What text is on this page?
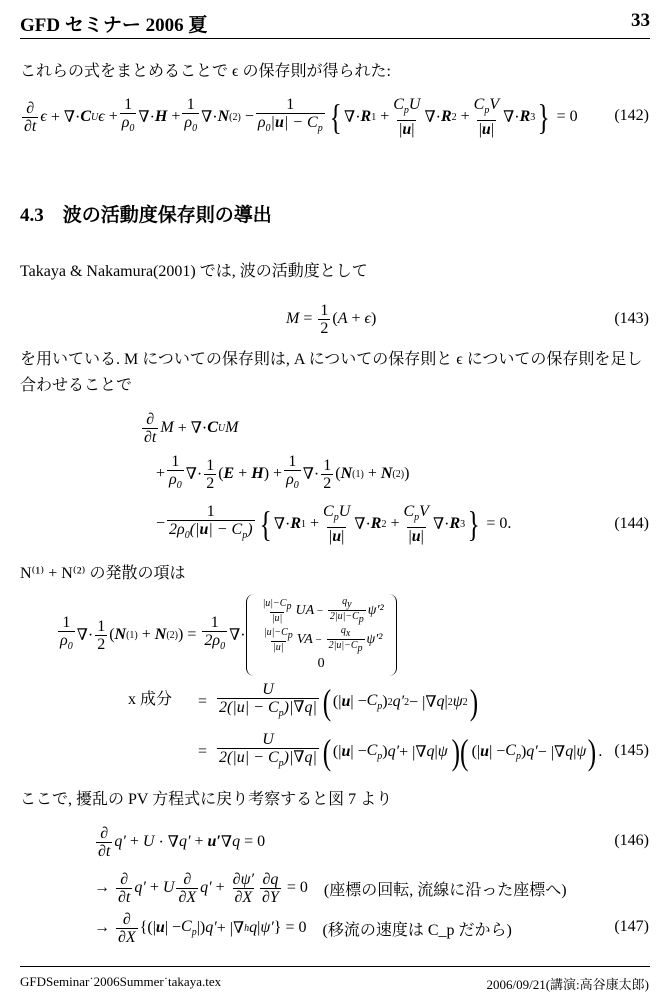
GFD セミナー 2006 夏	33
これらの式をまとめることで ϵ の保存則が得られた:
$\frac{\partial}{\partial t}$ ϵ + ∇· C U $\epsilon + \frac{1}{\rho_0}$ ∇· $H + \frac{1}{\rho_0}$ ∇· N $(2) - \frac{1}{\rho_0|u| - C_p}$ { ∇· R $1 + \frac{C_pU}{|u|}$ ∇· R $2 + \frac{C_pV}{|u|}$ ∇· R 3 } = 0 (142)
4.3 波の活動度保存則の導出
Takaya & Nakamura(2001) では, 波の活動度として
$M = \frac{1}{2}$ ( A + ϵ )	(143)
を用いている. M についての保存則は, A についての保存則と ϵ についての保存則を足し
合わせることで
$\frac{\partial}{\partial t}$ M + ∇· C U M
+ $\frac{1}{\rho_0}$ ∇· $\frac{1}{2}$ ( E + H ) + $\frac{1}{\rho_0}$ ∇· $\frac{1}{2}$ ( N (1) + N (2) )
− $\frac{1}{2\rho_0(|u| - C_p)}$ { ∇· R $1 + \frac{C_pU}{|u|}$ ∇· R $2 + \frac{C_pV}{|u|}$ ∇· R 3 } = 0.	(144)
N⁽¹⁾ + N⁽²⁾ の発散の項は
$\frac{1}{\rho_0}$ ∇· $\frac{1}{2}$ ( N (1) + N (2) ) = $\frac{1}{2\rho_0}$ ∇·
$\frac{|u|-C_p}{|u|}$ UA − $\frac{q_y}{2|u|-C_p} \psi'^2$
$\frac{|u|-C_p}{|u|}$ VA − $\frac{q_x}{2|u|-C_p} \psi'^2$
0
x 成分 = $\frac{U}{2(|u| - C_p)|\nabla q|}$ ( (| u | − $C_p$ ) 2 q′ 2 − |∇ q | 2 ψ 2 )
= $\frac{U}{2(|u| - C_p)|\nabla q|}$ ( (| u | − $C_p$ ) q′ + |∇ q | ψ )( (| u | − $C_p$ ) q′ − |∇ q | ψ ) . (145)
ここで, 擾乱の PV 方程式に戻り考察すると図 7 より
$\frac{\partial}{\partial t} q' + U$ · ∇ q′ + u′ ∇ q = 0	(146)
→ $\frac{\partial}{\partial t} q' + U \frac{\partial}{\partial X} q' + \frac{\partial\psi'}{\partial X} \frac{\partial q}{\partial Y} = 0$ (座標の回転, 流線に沿った座標へ)
→ $\frac{\partial}{\partial X}$ {(| u | − $C_p$ |) q′ + |∇ h q | ψ′ } = 0 (移流の速度は C_p だから)	(147)
GFDSeminar˙2006Summer˙takaya.tex	2006/09/21(講演:高谷康太郎)
